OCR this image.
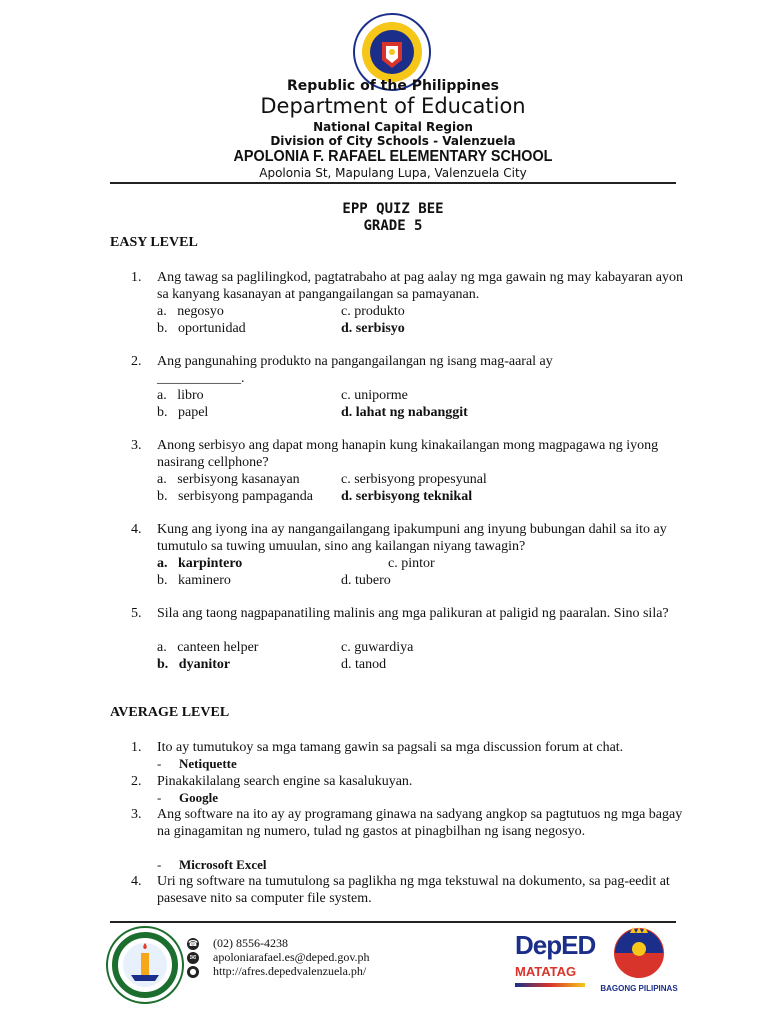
Republic of the Philippines
Department of Education
National Capital Region
Division of City Schools - Valenzuela
APOLONIA F. RAFAEL ELEMENTARY SCHOOL
Apolonia St, Mapulang Lupa, Valenzuela City
EPP QUIZ BEE
GRADE 5
EASY LEVEL
1.	Ang tawag sa paglilingkod, pagtatrabaho at pag aalay ng mga gawain ng may kabayaran ayon sa kanyang kasanayan at pangangailangan sa pamayanan.
a.   negosyo	c. produkto
b.   oportunidad	d. serbisyo
2.	Ang pangunahing produkto na pangangailangan ng isang mag-aaral ay ____________.
a.   libro	c. uniporme
b.   papel	d. lahat ng nabanggit
3.	Anong serbisyo ang dapat mong hanapin kung kinakailangan mong magpagawa ng iyong nasirang cellphone?
a.   serbisyong kasanayan	c. serbisyong propesyunal
b.   serbisyong pampaganda d. serbisyong teknikal
4.	Kung ang iyong ina ay nangangailangang ipakumpuni ang inyung bubungan dahil sa ito ay tumutulo sa tuwing umuulan, sino ang kailangan niyang tawagin?
a.   karpintero	c. pintor
b.   kaminero	d. tubero
5.	Sila ang taong nagpapanatiling malinis ang mga palikuran at paligid ng paaralan. Sino sila?
a.   canteen helper	c. guwardiya
b.   dyanitor	d. tanod
AVERAGE LEVEL
1.	Ito ay tumutukoy sa mga tamang gawin sa pagsali sa mga discussion forum at chat.
- Netiquette
2.	Pinakakilalang search engine sa kasalukuyan.
- Google
3.	Ang software na ito ay ay programang ginawa na sadyang angkop sa pagtutuos ng mga bagay na ginagamitan ng numero, tulad ng gastos at pinagbilhan ng isang negosyo.
- Microsoft Excel
4.	Uri ng software na tumutulong sa paglikha ng mga tekstuwal na dokumento, sa pag-eedit at pasesave nito sa computer file system.
☎ (02) 8556-4238
✉ apoloniarafael.es@deped.gov.ph
● http://afres.depedvalenzuela.ph/
DepED
MATATAG
BAGONG PILIPINAS
